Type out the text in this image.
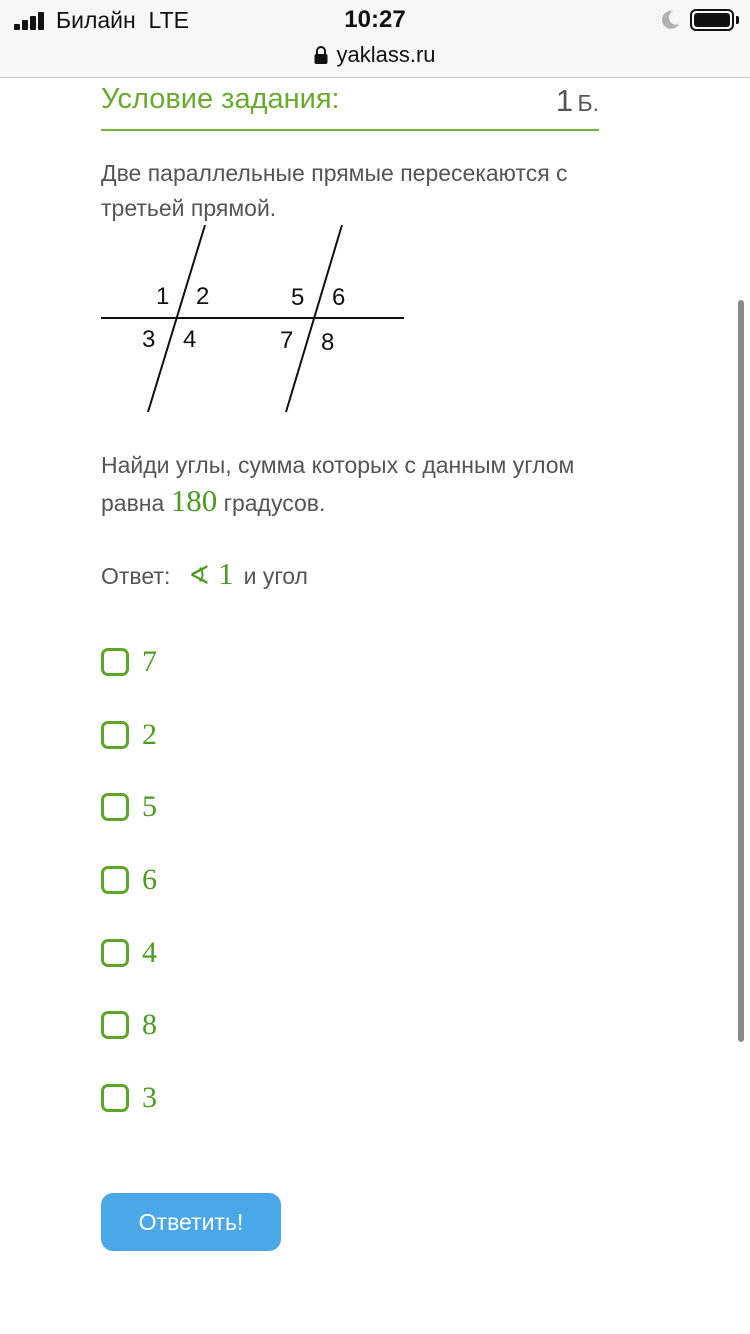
Билайн  LTE	10:27
yaklass.ru
Условие задания:	1 Б.
Две параллельные прямые пересекаются с третьей прямой.
1 2
3 4
5 6
7 8
Найди углы, сумма которых с данным углом равна 180 градусов.
Ответ: ∢ 1 и угол
7
2
5
6
4
8
3
Ответить!
